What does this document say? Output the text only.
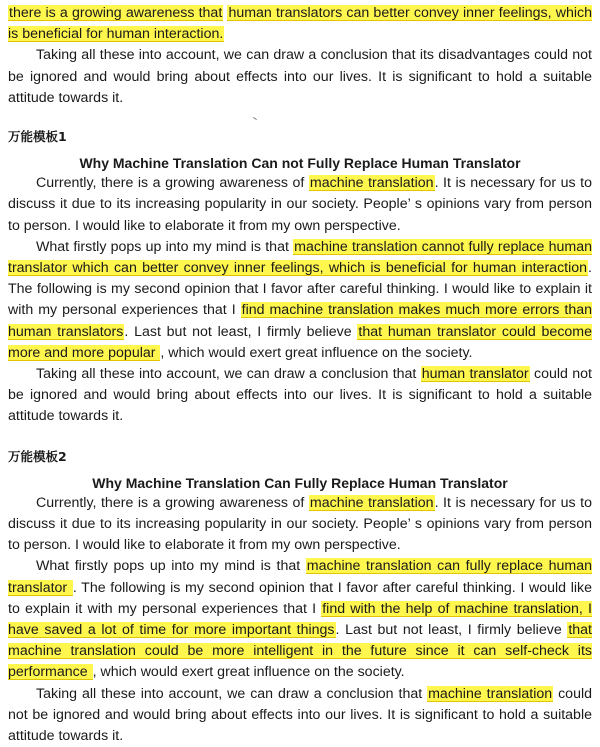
there is a growing awareness that human translators can better convey inner feelings, which is beneficial for human interaction.

Taking all these into account, we can draw a conclusion that its disadvantages could not be ignored and would bring about effects into our lives. It is significant to hold a suitable attitude towards it.

万能模板1

Why Machine Translation Can not Fully Replace Human Translator

Currently, there is a growing awareness of machine translation. It is necessary for us to discuss it due to its increasing popularity in our society. People’ s opinions vary from person to person. I would like to elaborate it from my own perspective.

What firstly pops up into my mind is that machine translation cannot fully replace human translator which can better convey inner feelings, which is beneficial for human interaction. The following is my second opinion that I favor after careful thinking. I would like to explain it with my personal experiences that I find machine translation makes much more errors than human translators. Last but not least, I firmly believe that human translator could become more and more popular , which would exert great influence on the society.

Taking all these into account, we can draw a conclusion that human translator could not be ignored and would bring about effects into our lives. It is significant to hold a suitable attitude towards it.

万能模板2

Why Machine Translation Can Fully Replace Human Translator

Currently, there is a growing awareness of machine translation. It is necessary for us to discuss it due to its increasing popularity in our society. People’ s opinions vary from person to person. I would like to elaborate it from my own perspective.

What firstly pops up into my mind is that machine translation can fully replace human translator . The following is my second opinion that I favor after careful thinking. I would like to explain it with my personal experiences that I find with the help of machine translation, I have saved a lot of time for more important things. Last but not least, I firmly believe that machine translation could be more intelligent in the future since it can self-check its performance , which would exert great influence on the society.

Taking all these into account, we can draw a conclusion that machine translation could not be ignored and would bring about effects into our lives. It is significant to hold a suitable attitude towards it.
